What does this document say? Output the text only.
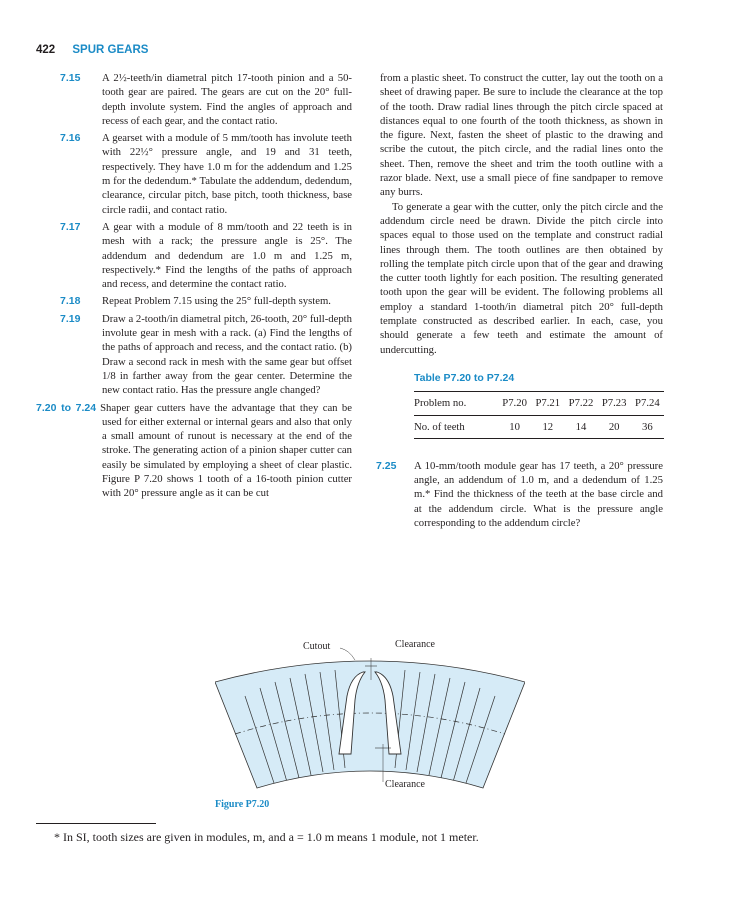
422 SPUR GEARS
7.15 A 2½-teeth/in diametral pitch 17-tooth pinion and a 50-tooth gear are paired. The gears are cut on the 20° full-depth involute system. Find the angles of approach and recess of each gear, and the contact ratio.

7.16 A gearset with a module of 5 mm/tooth has involute teeth with 22½° pressure angle, and 19 and 31 teeth, respectively. They have 1.0 m for the addendum and 1.25 m for the dedendum.* Tabulate the addendum, dedendum, clearance, circular pitch, base pitch, tooth thickness, base circle radii, and contact ratio.

7.17 A gear with a module of 8 mm/tooth and 22 teeth is in mesh with a rack; the pressure angle is 25°. The addendum and dedendum are 1.0 m and 1.25 m, respectively.* Find the lengths of the paths of approach and recess, and determine the contact ratio.

7.18 Repeat Problem 7.15 using the 25° full-depth system.

7.19 Draw a 2-tooth/in diametral pitch, 26-tooth, 20° full-depth involute gear in mesh with a rack. (a) Find the lengths of the paths of approach and recess, and the contact ratio. (b) Draw a second rack in mesh with the same gear but offset 1/8 in farther away from the gear center. Determine the new contact ratio. Has the pressure angle changed?

7.20 to 7.24 Shaper gear cutters have the advantage that they can be used for either external or internal gears and also that only a small amount of runout is necessary at the end of the stroke. The generating action of a pinion shaper cutter can easily be simulated by employing a sheet of clear plastic. Figure P 7.20 shows 1 tooth of a 16-tooth pinion cutter with 20° pressure angle as it can be cut

from a plastic sheet. To construct the cutter, lay out the tooth on a sheet of drawing paper. Be sure to include the clearance at the top of the tooth. Draw radial lines through the pitch circle spaced at distances equal to one fourth of the tooth thickness, as shown in the figure. Next, fasten the sheet of plastic to the drawing and scribe the cutout, the pitch circle, and the radial lines onto the sheet. Then, remove the sheet and trim the tooth outline with a razor blade. Next, use a small piece of fine sandpaper to remove any burrs.

To generate a gear with the cutter, only the pitch circle and the addendum circle need be drawn. Divide the pitch circle into spaces equal to those used on the template and construct radial lines through them. The tooth outlines are then obtained by rolling the template pitch circle upon that of the gear and drawing the cutter tooth lightly for each position. The resulting generated tooth upon the gear will be evident. The following problems all employ a standard 1-tooth/in diametral pitch 20° full-depth template constructed as described earlier. In each, case, you should generate a few teeth and estimate the amount of undercutting.

Table P7.20 to P7.24
Problem no.	P7.20	P7.21	P7.22	P7.23	P7.24
No. of teeth	10	12	14	20	36
7.25 A 10-mm/tooth module gear has 17 teeth, a 20° pressure angle, an addendum of 1.0 m, and a dedendum of 1.25 m.* Find the thickness of the teeth at the base circle and at the addendum circle. What is the pressure angle corresponding to the addendum circle?

Cutout	Clearance
Clearance
Figure P7.20
* In SI, tooth sizes are given in modules, m, and a = 1.0 m means 1 module, not 1 meter.
